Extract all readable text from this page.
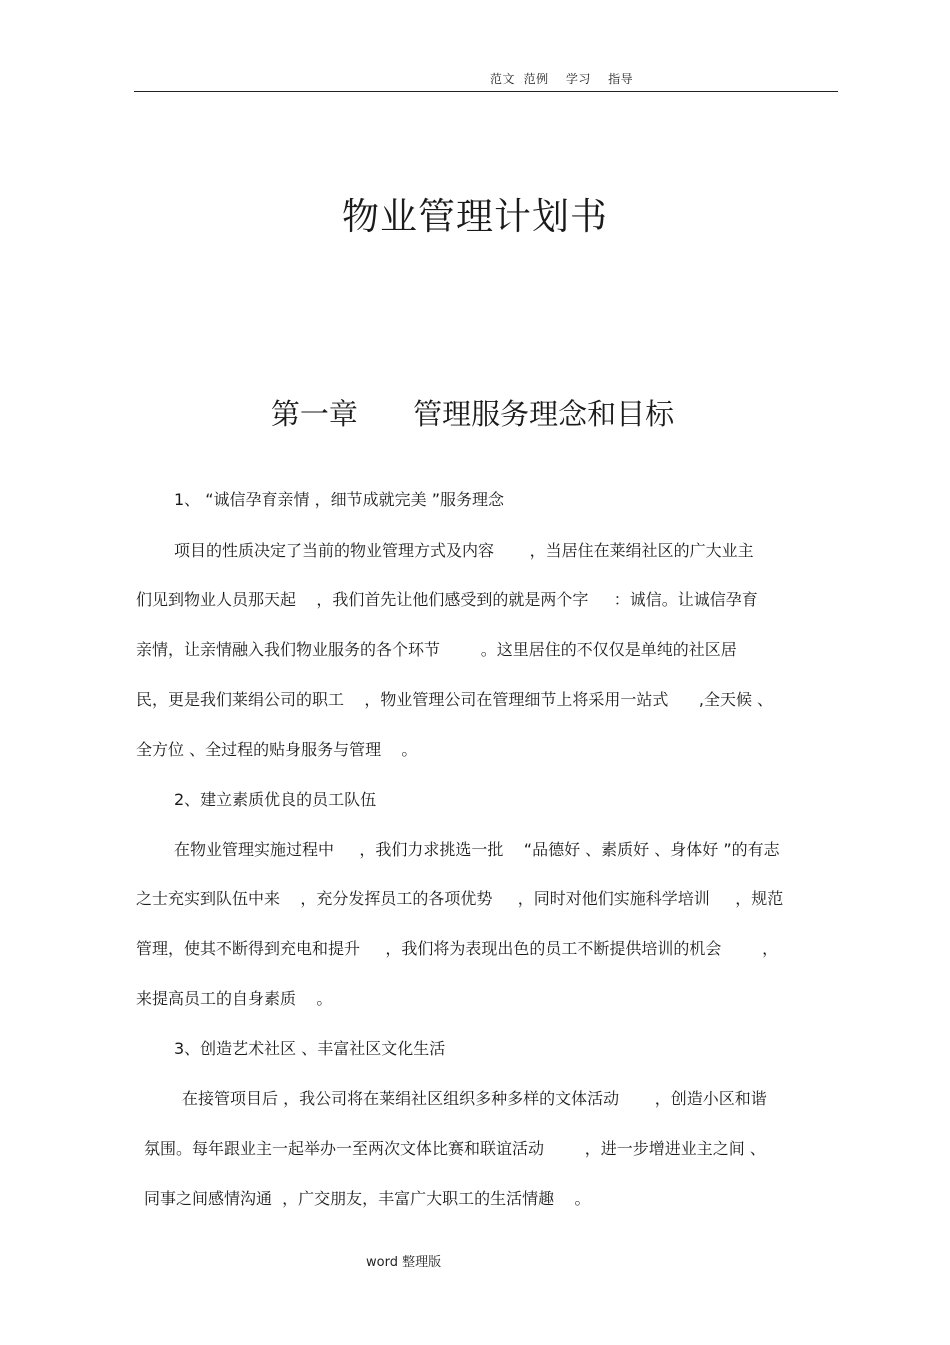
范文  范例    学习    指导
物业管理计划书
第一章      管理服务理念和目标

1、 “诚信孕育亲情 ，细节成就完美 ”服务理念

项目的性质决定了当前的物业管理方式及内容       ，当居住在莱绢社区的广大业主

们见到物业人员那天起    ，我们首先让他们感受到的就是两个字     ：诚信。让诚信孕育

亲情，让亲情融入我们物业服务的各个环节        。这里居住的不仅仅是单纯的社区居

民，更是我们莱绢公司的职工    ，物业管理公司在管理细节上将采用一站式      ,全天候 、

全方位 、全过程的贴身服务与管理    。

2、建立素质优良的员工队伍

在物业管理实施过程中     ，我们力求挑选一批    “品德好 、素质好 、身体好 ”的有志

之士充实到队伍中来    ，充分发挥员工的各项优势     ，同时对他们实施科学培训     ，规范

管理，使其不断得到充电和提升     ，我们将为表现出色的员工不断提供培训的机会        ，

来提高员工的自身素质    。

3、创造艺术社区 、丰富社区文化生活

在接管项目后 ，我公司将在莱绢社区组织多种多样的文体活动       ，创造小区和谐

氛围。每年跟业主一起举办一至两次文体比赛和联谊活动        ，进一步增进业主之间 、

同事之间感情沟通  ，广交朋友，丰富广大职工的生活情趣    。

word 整理版
